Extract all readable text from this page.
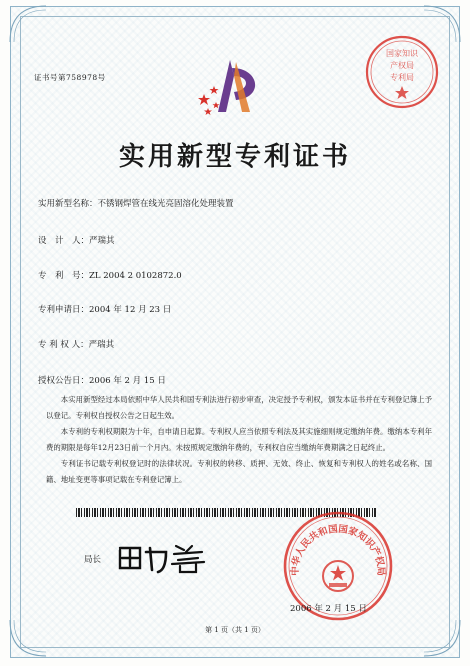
证书号第758978号
国家知识
产权局
专利局
实用新型专利证书
实用新型名称：不锈钢焊管在线光亮固溶化处理装置
设　计　人：严瑞其
专　利　号：ZL 2004 2 0102872.0
专利申请日：2004 年 12 月 23 日
专 利 权 人：严瑞其
授权公告日：2006 年 2 月 15 日
本实用新型经过本局依照中华人民共和国专利法进行初步审查，决定授予专利权，颁发本证书并在专利登记簿上予以登记。专利权自授权公告之日起生效。
本专利的专利权期限为十年，自申请日起算。专利权人应当依照专利法及其实施细则规定缴纳年费。缴纳本专利年费的期限是每年12月23日前一个月内。未按照规定缴纳年费的，专利权自应当缴纳年费期满之日起终止。
专利证书记载专利权登记时的法律状况。专利权的转移、质押、无效、终止、恢复和专利权人的姓名或名称、国籍、地址变更等事项记载在专利登记簿上。
局长
中华人民共和国国家知识产权局
2006 年 2 月 15 日
第 1 页（共 1 页）
